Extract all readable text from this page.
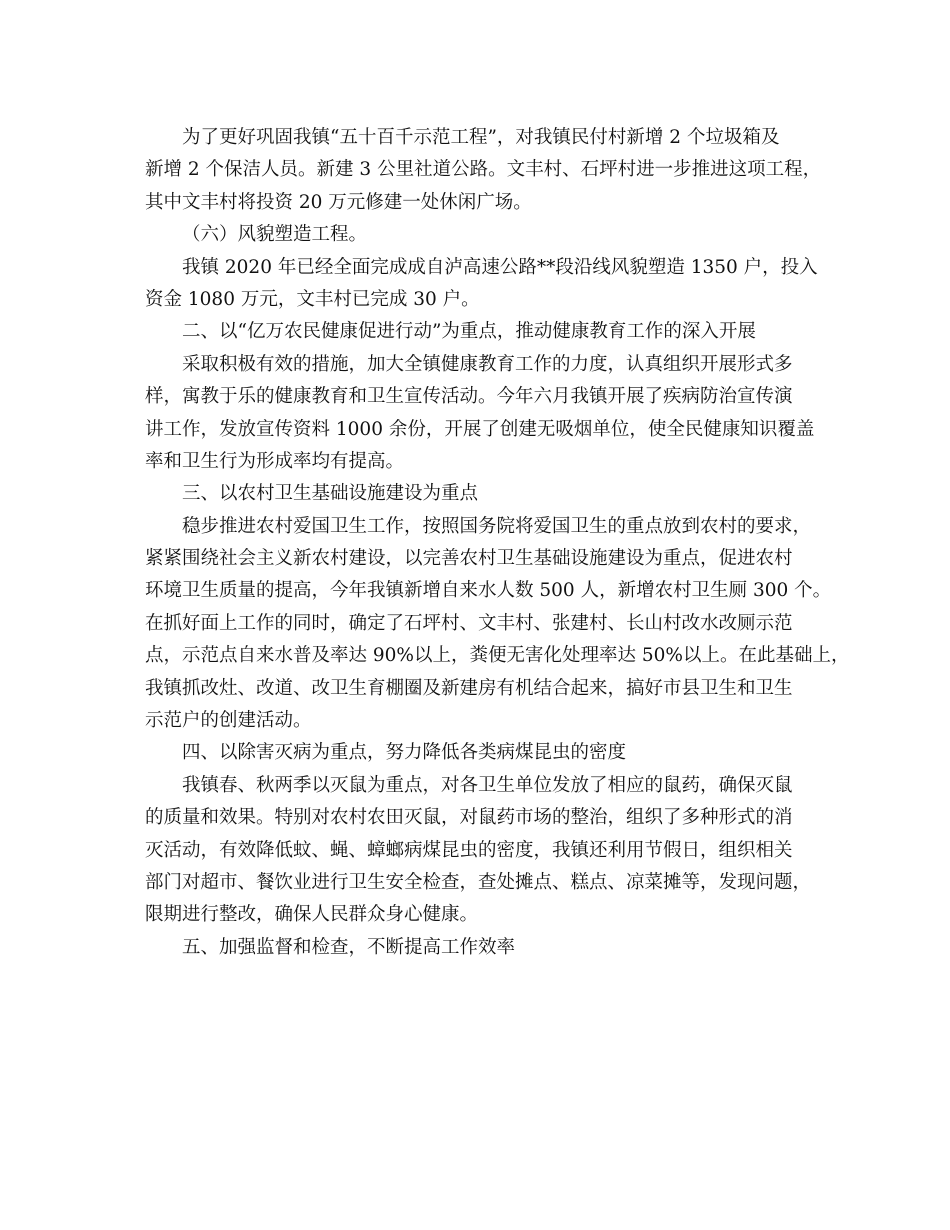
为了更好巩固我镇“五十百千示范工程”，对我镇民付村新增 2 个垃圾箱及
新增 2 个保洁人员。新建 3 公里社道公路。文丰村、石坪村进一步推进这项工程，
其中文丰村将投资 20 万元修建一处休闲广场。
（六）风貌塑造工程。
我镇 2020 年已经全面完成成自泸高速公路**段沿线风貌塑造 1350 户，投入
资金 1080 万元，文丰村已完成 30 户。
二、以“亿万农民健康促进行动”为重点，推动健康教育工作的深入开展
采取积极有效的措施，加大全镇健康教育工作的力度，认真组织开展形式多
样，寓教于乐的健康教育和卫生宣传活动。今年六月我镇开展了疾病防治宣传演
讲工作，发放宣传资料 1000 余份，开展了创建无吸烟单位，使全民健康知识覆盖
率和卫生行为形成率均有提高。
三、以农村卫生基础设施建设为重点
稳步推进农村爱国卫生工作，按照国务院将爱国卫生的重点放到农村的要求，
紧紧围绕社会主义新农村建设，以完善农村卫生基础设施建设为重点，促进农村
环境卫生质量的提高，今年我镇新增自来水人数 500 人，新增农村卫生厕 300 个。
在抓好面上工作的同时，确定了石坪村、文丰村、张建村、长山村改水改厕示范
点，示范点自来水普及率达 90%以上，粪便无害化处理率达 50%以上。在此基础上，
我镇抓改灶、改道、改卫生育棚圈及新建房有机结合起来，搞好市县卫生和卫生
示范户的创建活动。
四、以除害灭病为重点，努力降低各类病煤昆虫的密度
我镇春、秋两季以灭鼠为重点，对各卫生单位发放了相应的鼠药，确保灭鼠
的质量和效果。特别对农村农田灭鼠，对鼠药市场的整治，组织了多种形式的消
灭活动，有效降低蚊、蝇、蟑螂病煤昆虫的密度，我镇还利用节假日，组织相关
部门对超市、餐饮业进行卫生安全检查，查处摊点、糕点、凉菜摊等，发现问题，
限期进行整改，确保人民群众身心健康。
五、加强监督和检查，不断提高工作效率
